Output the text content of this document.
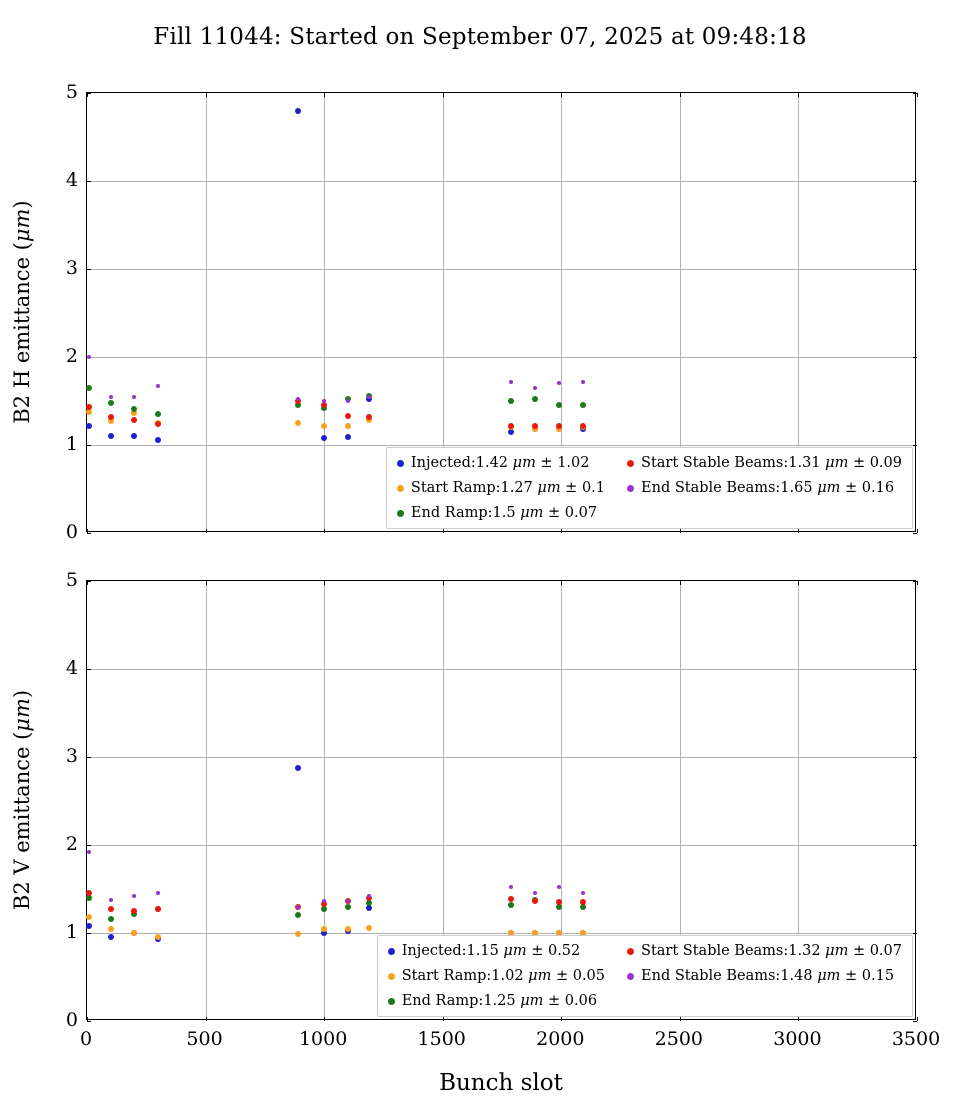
Fill 11044: Started on September 07, 2025 at 09:48:18
Injected:1.42 μm ± 1.02
Start Ramp:1.27 μm ± 0.1
End Ramp:1.5 μm ± 0.07
Start Stable Beams:1.31 μm ± 0.09
End Stable Beams:1.65 μm ± 0.16
Injected:1.15 μm ± 0.52
Start Ramp:1.02 μm ± 0.05
End Ramp:1.25 μm ± 0.06
Start Stable Beams:1.32 μm ± 0.07
End Stable Beams:1.48 μm ± 0.15
Bunch slot
0
1
2
3
4
5
B2 H emittance (μm)
0	500	1000	1500	2000	2500	3000	3500
0
1
2
3
4
5
B2 V emittance (μm)
